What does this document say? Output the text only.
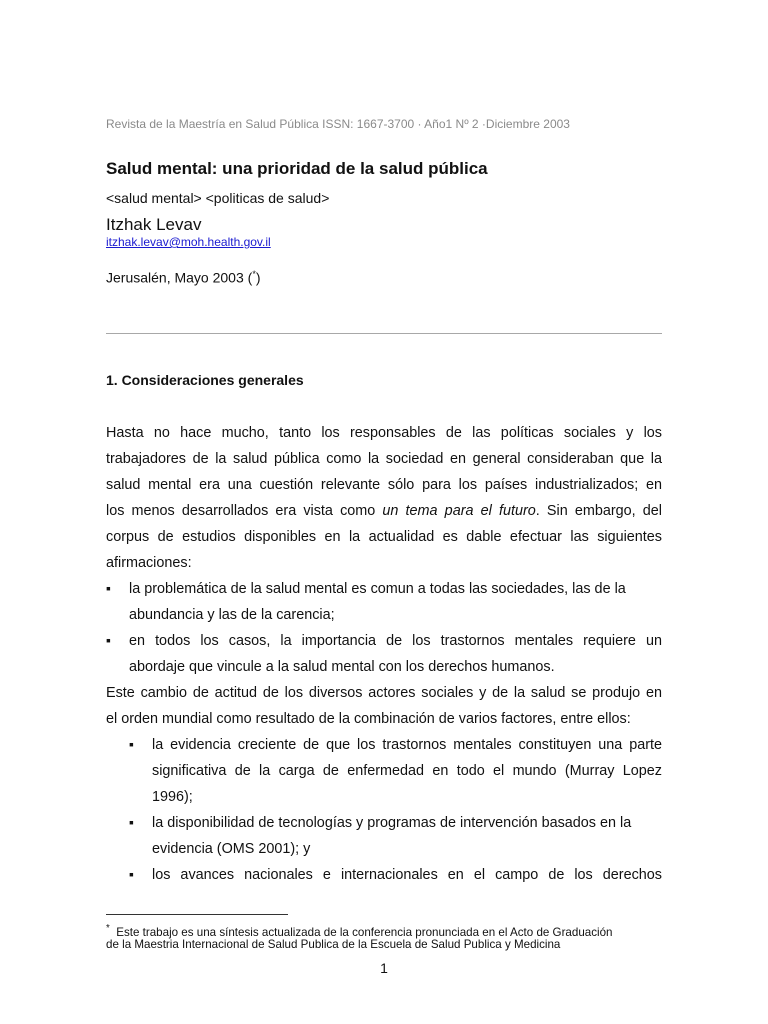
Revista de la Maestría en Salud Pública ISSN: 1667-3700 · Año1 Nº 2 ·Diciembre 2003
Salud mental: una prioridad de la salud pública
<salud mental> <politicas de salud>
Itzhak Levav
itzhak.levav@moh.health.gov.il
Jerusalén, Mayo 2003 (*)
1. Consideraciones generales
Hasta no hace mucho, tanto los responsables de las políticas sociales y los
trabajadores de la salud pública como la sociedad en general consideraban que la
salud mental era una cuestión relevante sólo para los países industrializados; en
los menos desarrollados era vista como un tema para el futuro. Sin embargo, del
corpus de estudios disponibles en la actualidad es dable efectuar las siguientes
afirmaciones:
▪ la problemática de la salud mental es comun a todas las sociedades, las de la
abundancia y las de la carencia;
▪ en todos los casos, la importancia de los trastornos mentales requiere un
abordaje que vincule a la salud mental con los derechos humanos.
Este cambio de actitud de los diversos actores sociales y de la salud se produjo en
el orden mundial como resultado de la combinación de varios factores, entre ellos:
▪ la evidencia creciente de que los trastornos mentales constituyen una parte
significativa de la carga de enfermedad en todo el mundo (Murray Lopez
1996);
▪ la disponibilidad de tecnologías y programas de intervención basados en la
evidencia (OMS 2001); y
▪ los avances nacionales e internacionales en el campo de los derechos
* Este trabajo es una síntesis actualizada de la conferencia pronunciada en el Acto de Graduación
de la Maestria Internacional de Salud Publica de la Escuela de Salud Publica y Medicina
1
